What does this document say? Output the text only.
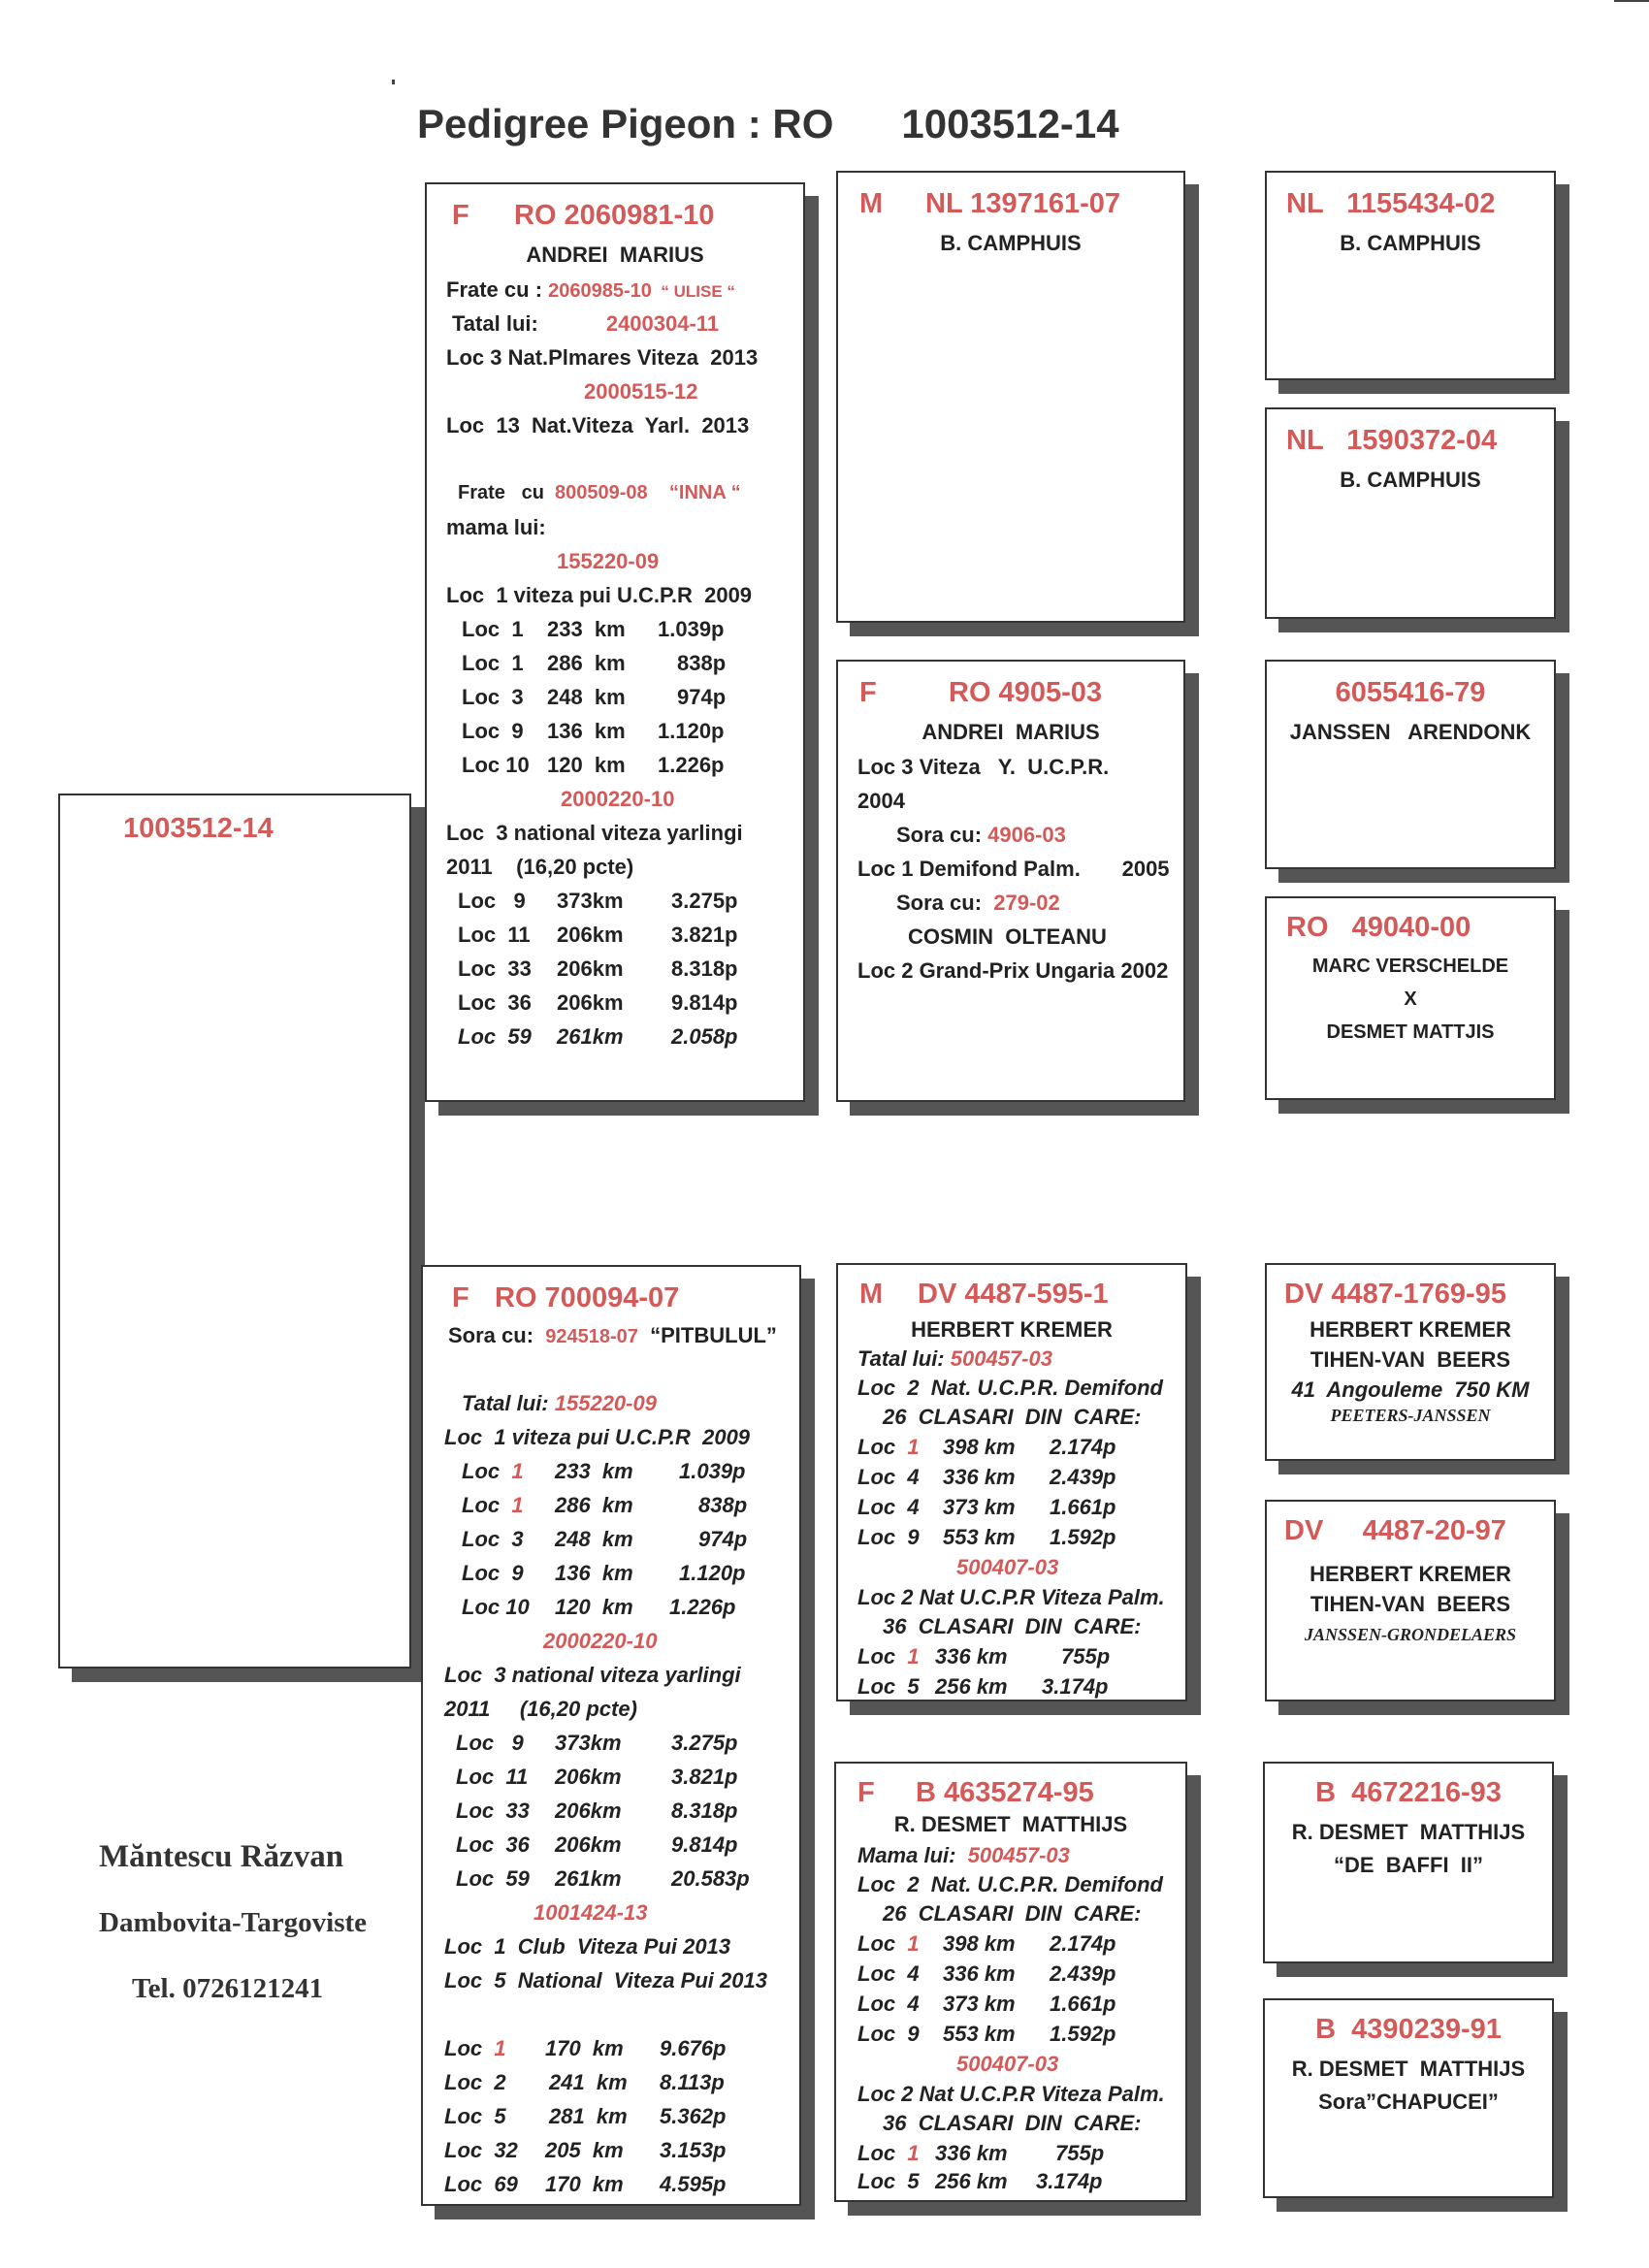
Pedigree Pigeon : RO 1003512-14
1003512-14
Măntescu Răzvan
Dambovita-Targoviste
Tel. 0726121241
F RO 2060981-10
ANDREI  MARIUS
Frate cu : 2060985-10  “ ULISE “
Tatal lui:	2400304-11
Loc 3 Nat.Plmares Viteza  2013
2000515-12
Loc  13  Nat.Viteza  Yarl.  2013
Frate   cu  800509-08    “INNA “
mama lui:
155220-09
Loc  1 viteza pui U.C.P.R  2009
Loc  1 233  km 1.039p
Loc  1 286  km 838p
Loc  3 248  km 974p
Loc  9 136  km 1.120p
Loc 10 120  km 1.226p
2000220-10
Loc  3 national viteza yarlingi
2011    (16,20 pcte)
Loc   9 373km 3.275p
Loc  11 206km 3.821p
Loc  33 206km 8.318p
Loc  36 206km 9.814p
Loc  59 261km 2.058p
F RO 700094-07
Sora cu:  924518-07  “PITBULUL”
Tatal lui: 155220-09
Loc  1 viteza pui U.C.P.R  2009
Loc  1 233  km 1.039p
Loc  1 286  km	838p
Loc  3 248  km	974p
Loc  9 136  km 1.120p
Loc 10 120  km 1.226p
2000220-10
Loc  3 national viteza yarlingi
2011     (16,20 pcte)
Loc   9 373km 3.275p
Loc  11 206km 3.821p
Loc  33 206km 8.318p
Loc  36 206km 9.814p
Loc  59 261km 20.583p
1001424-13
Loc  1  Club  Viteza Pui 2013
Loc  5  National  Viteza Pui 2013
Loc  1 170  km 9.676p
Loc  2 241  km 8.113p
Loc  5 281  km 5.362p
Loc  32 205  km 3.153p
Loc  69 170  km 4.595p
M NL 1397161-07
B. CAMPHUIS
F	RO 4905-03
ANDREI  MARIUS
Loc 3 Viteza   Y.  U.C.P.R.
2004
Sora cu: 4906-03
Loc 1 Demifond Palm.       2005
Sora cu:  279-02
COSMIN  OLTEANU
Loc 2 Grand-Prix Ungaria 2002
M DV 4487-595-1
HERBERT KREMER
Tatal lui: 500457-03
Loc  2  Nat. U.C.P.R. Demifond
26  CLASARI  DIN  CARE:
Loc  1 398 km 2.174p
Loc  4 336 km 2.439p
Loc  4 373 km 1.661p
Loc  9 553 km 1.592p
500407-03
Loc 2 Nat U.C.P.R Viteza Palm.
36  CLASARI  DIN  CARE:
Loc  1 336 km	755p
Loc  5 256 km 3.174p
F B 4635274-95
R. DESMET  MATTHIJS
Mama lui:  500457-03
Loc  2  Nat. U.C.P.R. Demifond
26  CLASARI  DIN  CARE:
Loc  1 398 km 2.174p
Loc  4 336 km 2.439p
Loc  4 373 km 1.661p
Loc  9 553 km 1.592p
500407-03
Loc 2 Nat U.C.P.R Viteza Palm.
36  CLASARI  DIN  CARE:
Loc  1 336 km 755p
Loc  5 256 km 3.174p
NL   1155434-02
B. CAMPHUIS
NL   1590372-04
B. CAMPHUIS
6055416-79
JANSSEN   ARENDONK
RO   49040-00
MARC VERSCHELDE
X
DESMET MATTJIS
DV 4487-1769-95
HERBERT KREMER
TIHEN-VAN  BEERS
41  Angouleme  750 KM
PEETERS-JANSSEN
DV     4487-20-97
HERBERT KREMER
TIHEN-VAN  BEERS
JANSSEN-GRONDELAERS
B  4672216-93
R. DESMET  MATTHIJS
“DE  BAFFI  II”
B  4390239-91
R. DESMET  MATTHIJS
Sora”CHAPUCEI”
